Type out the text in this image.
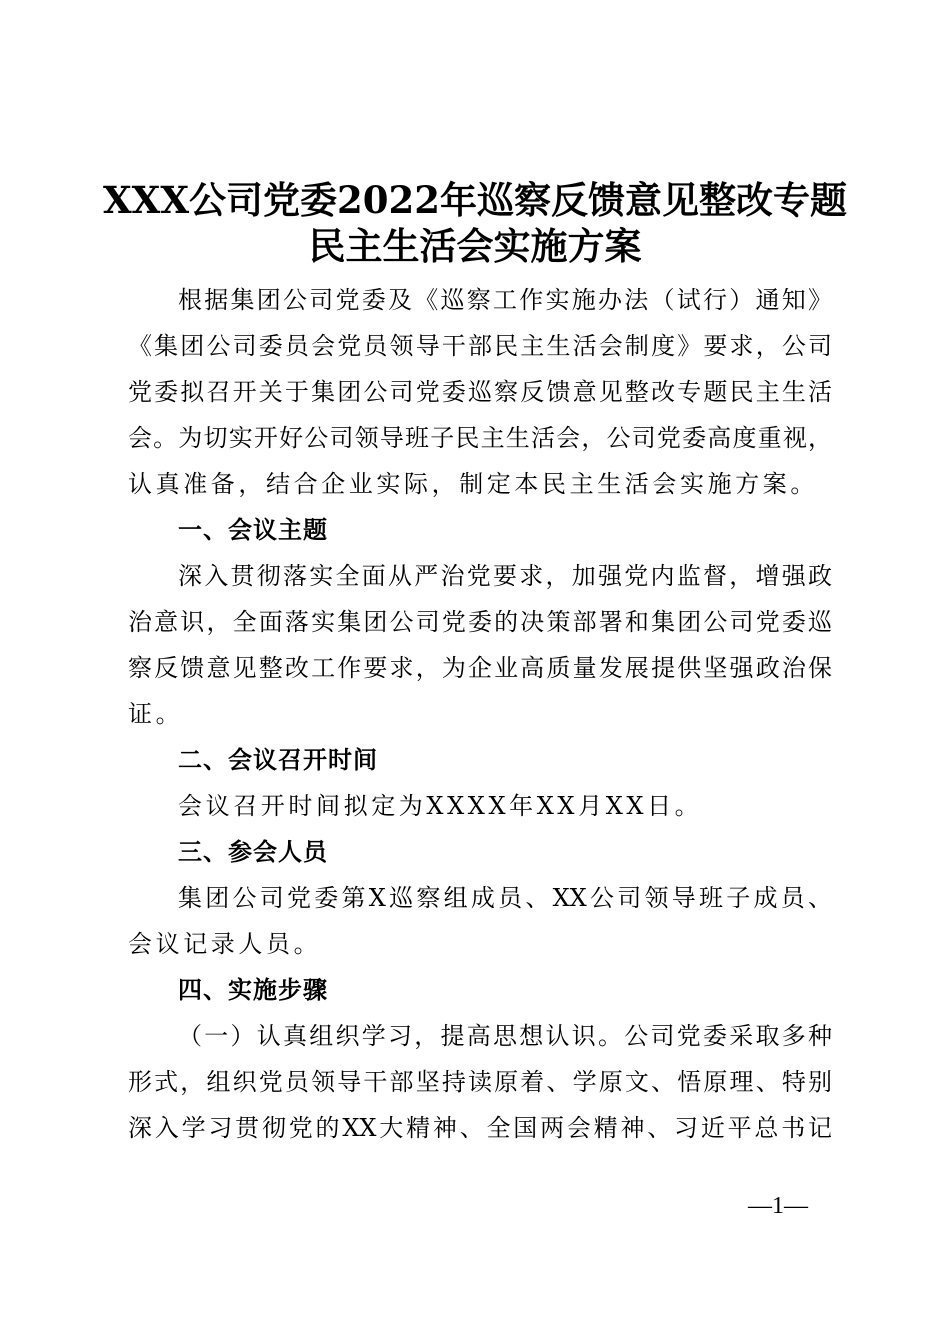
XXX公司党委2022年巡察反馈意见整改专题
民主生活会实施方案
根据集团公司党委及《巡察工作实施办法（试行）通知》
《集团公司委员会党员领导干部民主生活会制度》要求，公司
党委拟召开关于集团公司党委巡察反馈意见整改专题民主生活
会。为切实开好公司领导班子民主生活会，公司党委高度重视，
认真准备，结合企业实际，制定本民主生活会实施方案。
一、会议主题
深入贯彻落实全面从严治党要求，加强党内监督，增强政
治意识，全面落实集团公司党委的决策部署和集团公司党委巡
察反馈意见整改工作要求，为企业高质量发展提供坚强政治保
证。
二、会议召开时间
会议召开时间拟定为XXXX年XX月XX日。
三、参会人员
集团公司党委第X巡察组成员、XX公司领导班子成员、
会议记录人员。
四、实施步骤
（一）认真组织学习，提高思想认识。公司党委采取多种
形式，组织党员领导干部坚持读原着、学原文、悟原理、特别
深入学习贯彻党的XX大精神、全国两会精神、习近平总书记
—1—
